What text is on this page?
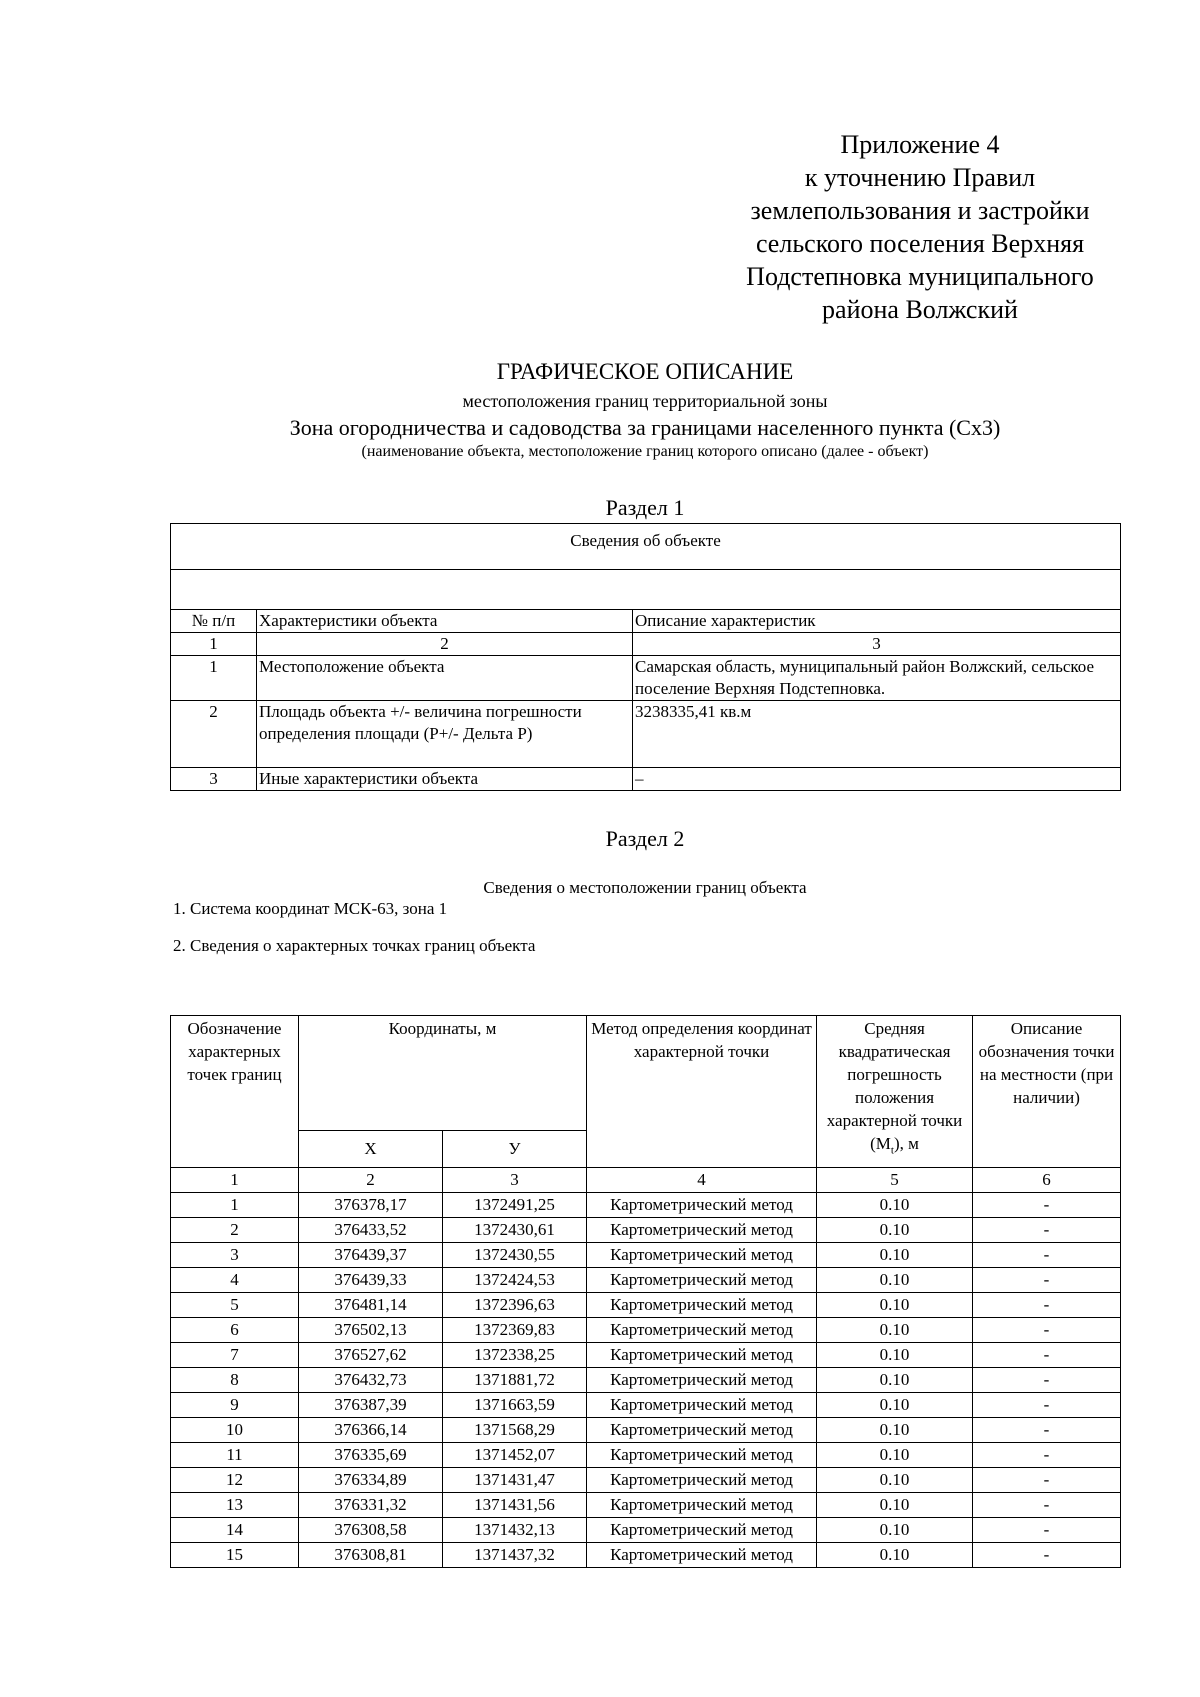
Приложение 4
к уточнению Правил
землепользования и застройки
сельского поселения Верхняя
Подстепновка муниципального
района Волжский
ГРАФИЧЕСКОЕ ОПИСАНИЕ
местоположения границ территориальной зоны
Зона огородничества и садоводства за границами населенного пункта (Сх3)
(наименование объекта, местоположение границ которого описано (далее - объект)
Раздел 1
Сведения об объекте		

№ п/п	Характеристики объекта	Описание характеристик
1	2	3
1	Местоположение объекта	Самарская область, муниципальный район Волжский, сельское поселение Верхняя Подстепновка.
2	Площадь объекта +/- величина погрешности определения площади (Р+/- Дельта Р)	3238335,41 кв.м
3	Иные характеристики объекта	–
Раздел 2
Сведения о местоположении границ объекта
1. Система координат МСК-63, зона 1
2. Сведения о характерных точках границ объекта
Обозначение характерных точек границ	Координаты, м		Метод определения координат характерной точки	Средняя квадратическая погрешность положения характерной точки $(M_t)$, м	Описание обозначения точки на местности (при наличии)
	X	У			
1	2	3	4	5	6
1	376378,17	1372491,25	Картометрический метод	0.10	-
2	376433,52	1372430,61	Картометрический метод	0.10	-
3	376439,37	1372430,55	Картометрический метод	0.10	-
4	376439,33	1372424,53	Картометрический метод	0.10	-
5	376481,14	1372396,63	Картометрический метод	0.10	-
6	376502,13	1372369,83	Картометрический метод	0.10	-
7	376527,62	1372338,25	Картометрический метод	0.10	-
8	376432,73	1371881,72	Картометрический метод	0.10	-
9	376387,39	1371663,59	Картометрический метод	0.10	-
10	376366,14	1371568,29	Картометрический метод	0.10	-
11	376335,69	1371452,07	Картометрический метод	0.10	-
12	376334,89	1371431,47	Картометрический метод	0.10	-
13	376331,32	1371431,56	Картометрический метод	0.10	-
14	376308,58	1371432,13	Картометрический метод	0.10	-
15	376308,81	1371437,32	Картометрический метод	0.10	-
